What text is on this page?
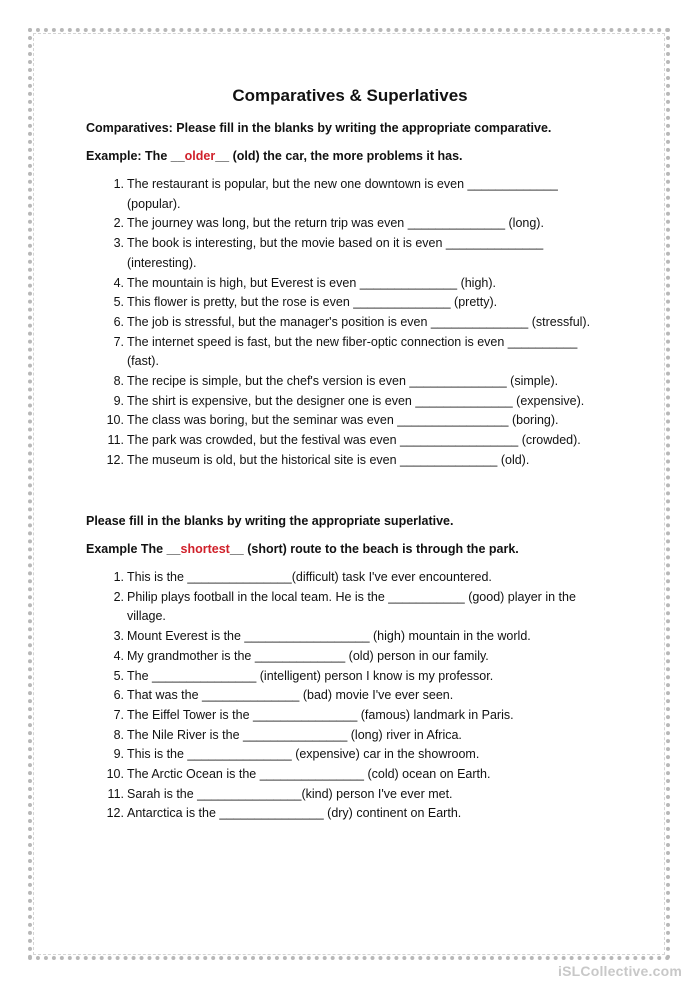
Comparatives & Superlatives
Comparatives: Please fill in the blanks by writing the appropriate comparative.
Example: The __older__ (old) the car, the more problems it has.
1. The restaurant is popular, but the new one downtown is even _____________ (popular).
2. The journey was long, but the return trip was even ______________ (long).
3. The book is interesting, but the movie based on it is even ______________ (interesting).
4. The mountain is high, but Everest is even ______________ (high).
5. This flower is pretty, but the rose is even ______________ (pretty).
6. The job is stressful, but the manager's position is even ______________ (stressful).
7. The internet speed is fast, but the new fiber-optic connection is even __________ (fast).
8. The recipe is simple, but the chef's version is even ______________ (simple).
9. The shirt is expensive, but the designer one is even ______________ (expensive).
10. The class was boring, but the seminar was even ________________ (boring).
11. The park was crowded, but the festival was even _________________ (crowded).
12. The museum is old, but the historical site is even ______________ (old).
Please fill in the blanks by writing the appropriate superlative.
Example The __shortest__ (short) route to the beach is through the park.
1. This is the _______________(difficult) task I've ever encountered.
2. Philip plays football in the local team. He is the ___________ (good) player in the village.
3. Mount Everest is the __________________ (high) mountain in the world.
4. My grandmother is the _____________ (old) person in our family.
5. The _______________ (intelligent) person I know is my professor.
6. That was the ______________ (bad) movie I've ever seen.
7. The Eiffel Tower is the _______________ (famous) landmark in Paris.
8. The Nile River is the _______________ (long) river in Africa.
9. This is the _______________ (expensive) car in the showroom.
10. The Arctic Ocean is the _______________ (cold) ocean on Earth.
11. Sarah is the _______________(kind) person I've ever met.
12. Antarctica is the _______________ (dry) continent on Earth.
iSLCollective.com
